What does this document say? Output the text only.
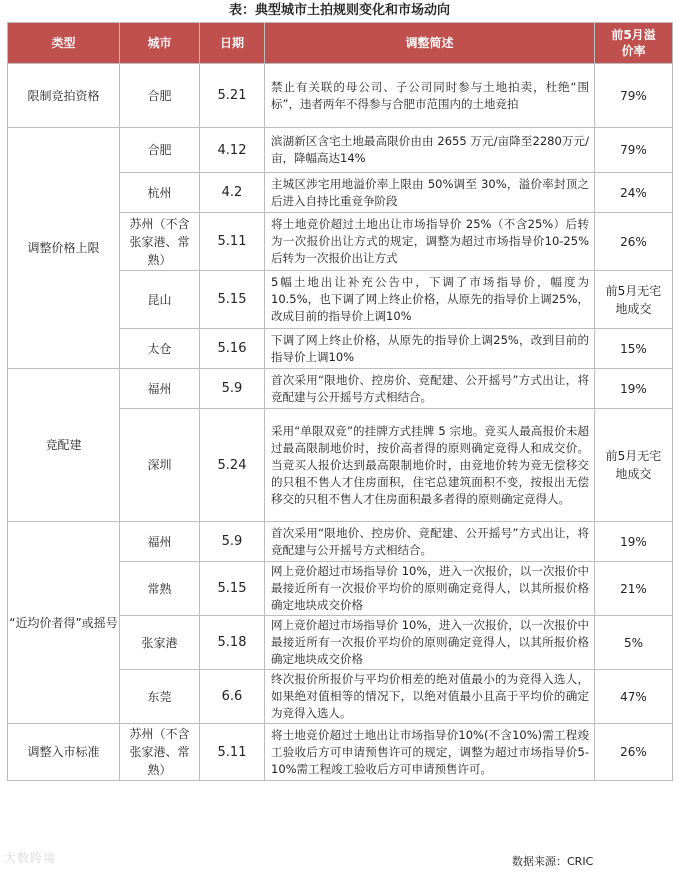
表：典型城市土拍规则变化和市场动向
类型	城市	日期	调整简述	前5月溢价率
限制竞拍资格	合肥	5.21	禁止有关联的母公司、子公司同时参与土地拍卖，杜绝“围标”，违者两年不得参与合肥市范围内的土地竞拍	79%
调整价格上限	合肥	4.12	滨湖新区含宅土地最高限价由由 2655 万元/亩降至2280万元/亩，降幅高达14%	79%
	杭州	4.2	主城区涉宅用地溢价率上限由 50%调至 30%，溢价率封顶之后进入自持比重竞争阶段	24%
	苏州（不含张家港、常熟）	5.11	将土地竞价超过土地出让市场指导价 25%（不含25%）后转为一次报价出让方式的规定，调整为超过市场指导价10-25%后转为一次报价出让方式	26%
	昆山	5.15	5幅土地出让补充公告中，下调了市场指导价，幅度为10.5%，也下调了网上终止价格，从原先的指导价上调25%，改成目前的指导价上调10%	前5月无宅地成交
	太仓	5.16	下调了网上终止价格，从原先的指导价上调25%，改到目前的指导价上调10%	15%
竞配建	福州	5.9	首次采用“限地价、控房价、竞配建、公开摇号”方式出让，将竞配建与公开摇号方式相结合。	19%
	深圳	5.24	采用“单限双竞”的挂牌方式挂牌 5 宗地。竞买人最高报价未超过最高限制地价时，按价高者得的原则确定竞得人和成交价。当竞买人报价达到最高限制地价时，由竞地价转为竞无偿移交的只租不售人才住房面积，住宅总建筑面积不变，按报出无偿移交的只租不售人才住房面积最多者得的原则确定竞得人。	前5月无宅地成交
“近均价者得”或摇号	福州	5.9	首次采用“限地价、控房价、竞配建、公开摇号”方式出让，将竞配建与公开摇号方式相结合。	19%
	常熟	5.15	网上竞价超过市场指导价 10%，进入一次报价，以一次报价中最接近所有一次报价平均价的原则确定竞得人，以其所报价格确定地块成交价格	21%
	张家港	5.18	网上竞价超过市场指导价 10%，进入一次报价，以一次报价中最接近所有一次报价平均价的原则确定竞得人，以其所报价格确定地块成交价格	5%
	东莞	6.6	终次报价所报价与平均价相差的绝对值最小的为竞得入选人，如果绝对值相等的情况下，以绝对值最小且高于平均价的确定为竞得入选人。	47%
调整入市标准	苏州（不含张家港、常熟）	5.11	将土地竞价超过土地出让市场指导价10%(不含10%)需工程竣工验收后方可申请预售许可的规定，调整为超过市场指导价5-10%需工程竣工验收后方可申请预售许可。	26%
数据来源：CRIC
大数跨境
